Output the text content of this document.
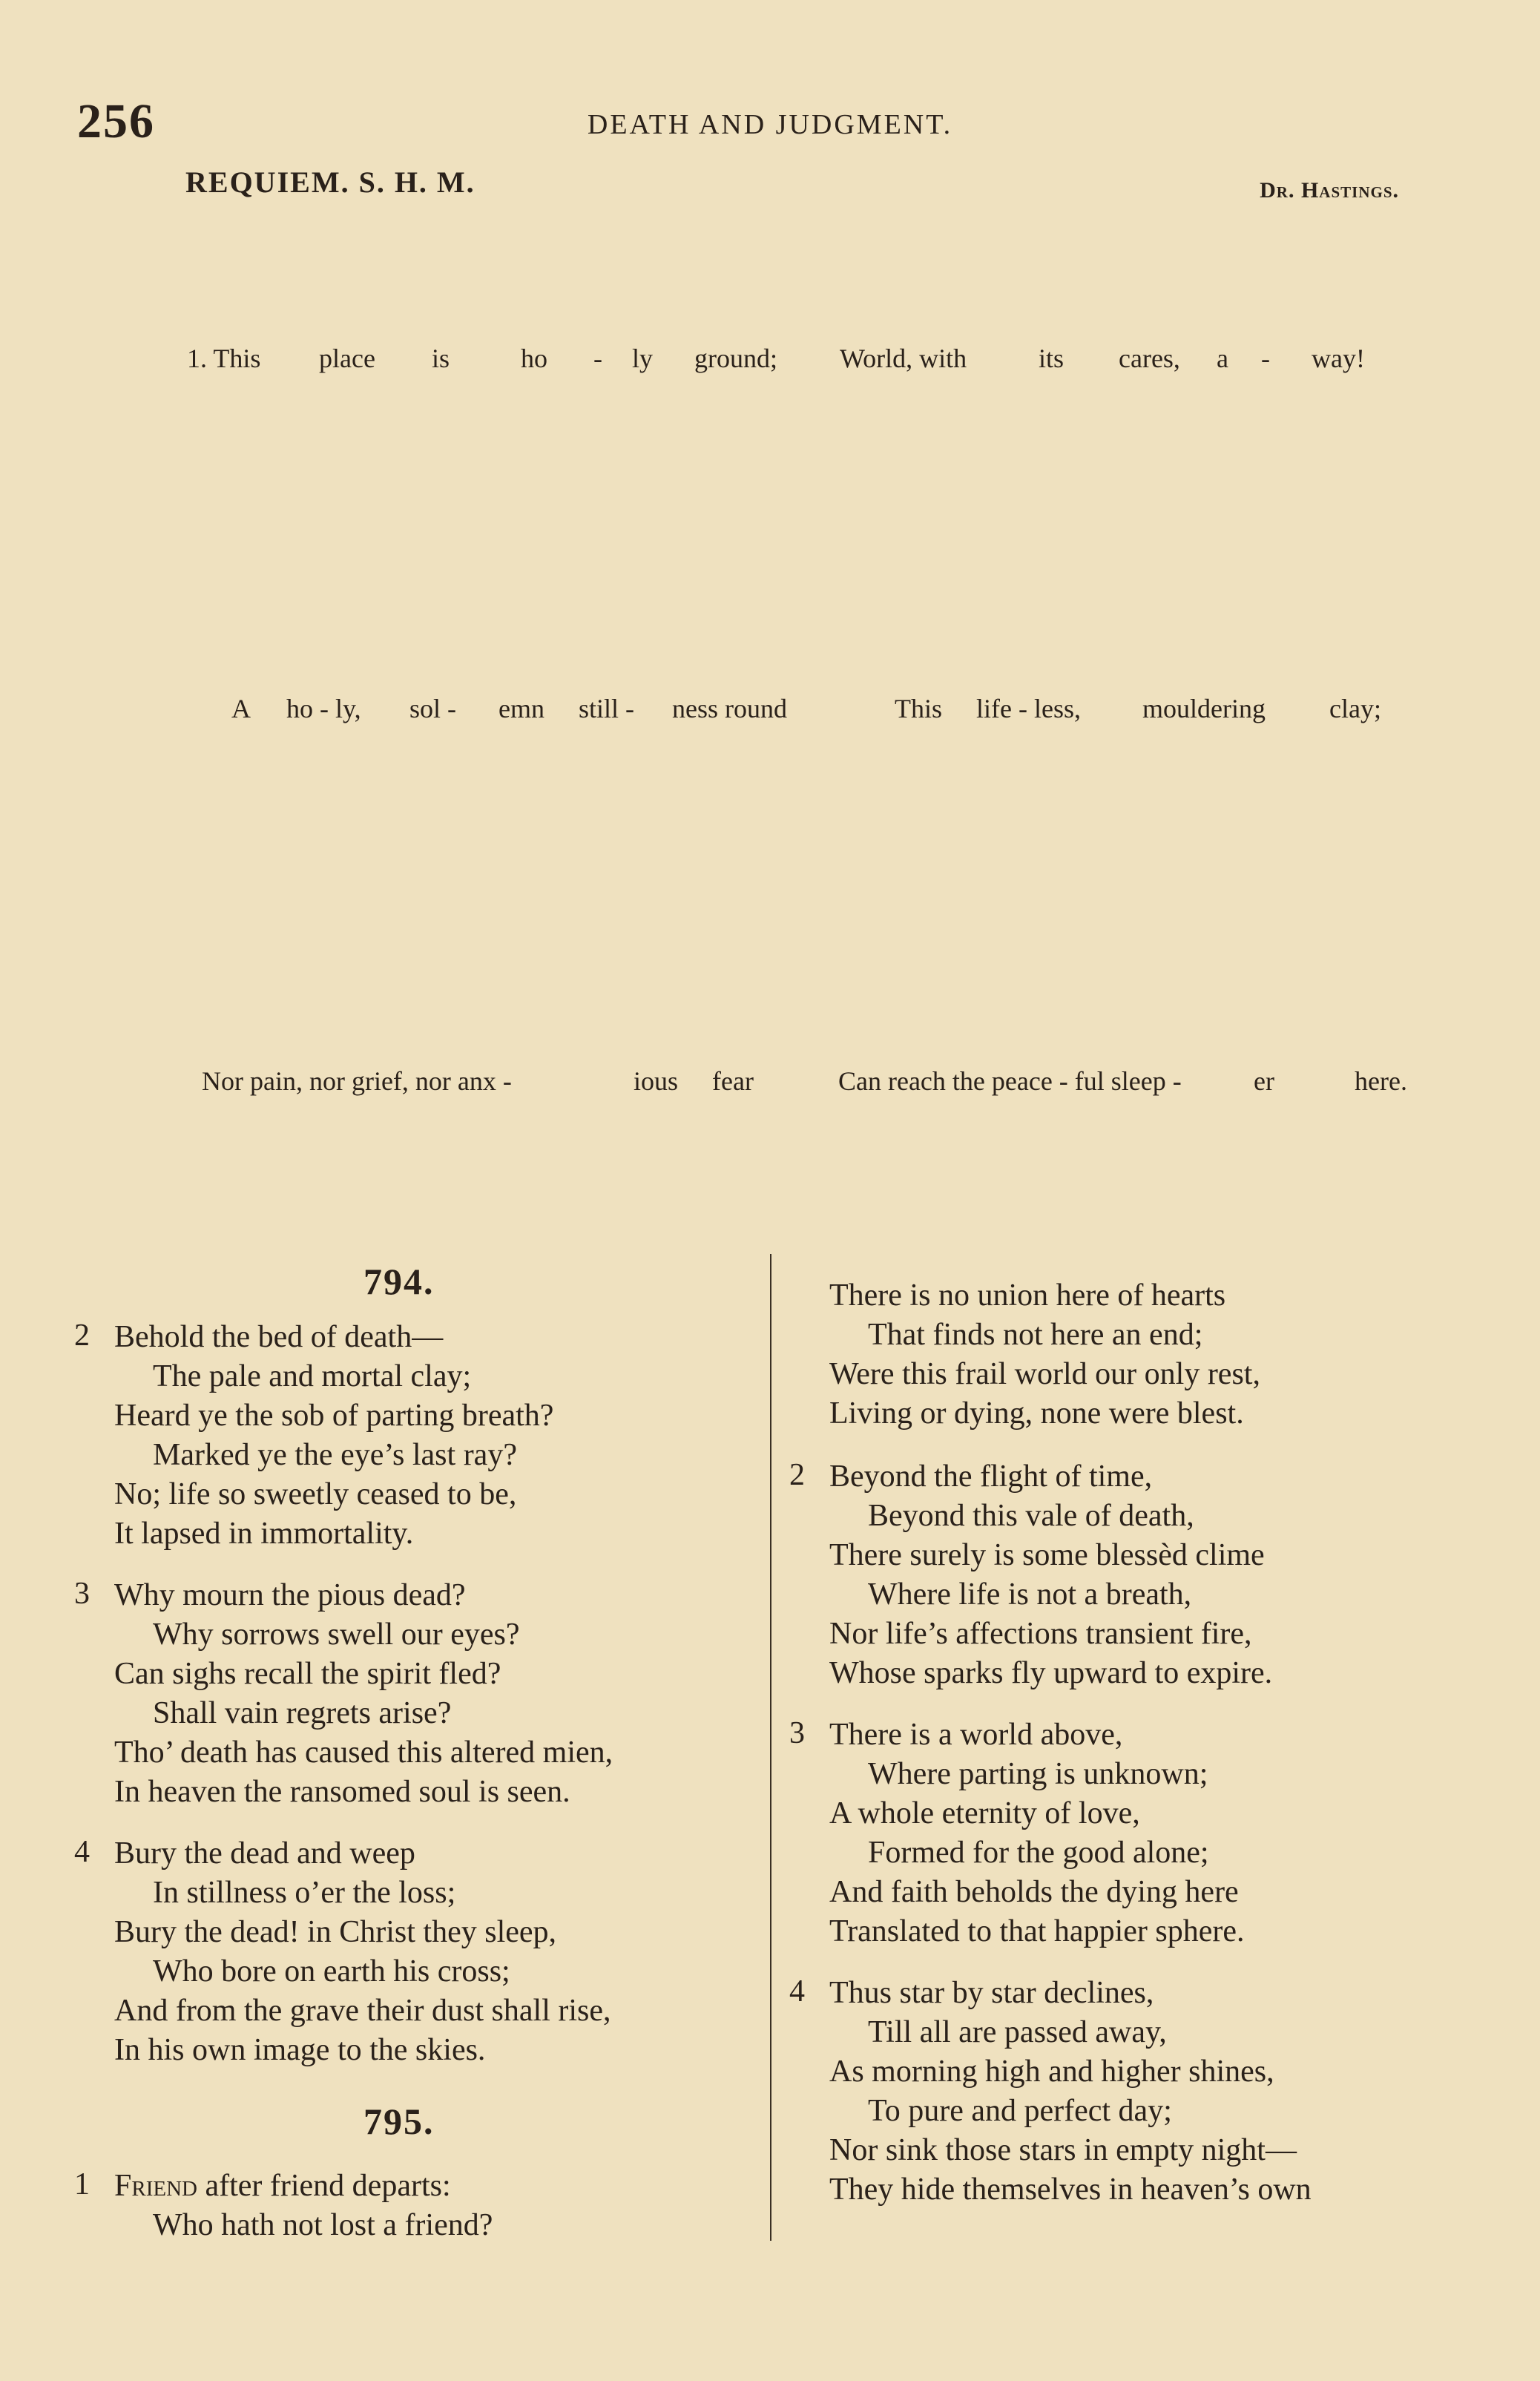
256	DEATH AND JUDGMENT.
REQUIEM. S. H. M.	Dr. Hastings.
1. This place is	ho - ly ground; World, with	its cares, a - way!
A ho - ly, sol - emn still - ness round	This life - less, mouldering clay;
Nor pain, nor grief, nor anx -	ious fear	Can reach the peace - ful sleep -	er	here.
794.
2 Behold the bed of death—
The pale and mortal clay;
Heard ye the sob of parting breath?
Marked ye the eye’s last ray?
No; life so sweetly ceased to be,
It lapsed in immortality.
3 Why mourn the pious dead?
Why sorrows swell our eyes?
Can sighs recall the spirit fled?
Shall vain regrets arise?
Tho’ death has caused this altered mien,
In heaven the ransomed soul is seen.
4 Bury the dead and weep
In stillness o’er the loss;
Bury the dead! in Christ they sleep,
Who bore on earth his cross;
And from the grave their dust shall rise,
In his own image to the skies.
795.
1 Friend after friend departs:
Who hath not lost a friend?
There is no union here of hearts
That finds not here an end;
Were this frail world our only rest,
Living or dying, none were blest.
2 Beyond the flight of time,
Beyond this vale of death,
There surely is some blessèd clime
Where life is not a breath,
Nor life’s affections transient fire,
Whose sparks fly upward to expire.
3 There is a world above,
Where parting is unknown;
A whole eternity of love,
Formed for the good alone;
And faith beholds the dying here
Translated to that happier sphere.
4 Thus star by star declines,
Till all are passed away,
As morning high and higher shines,
To pure and perfect day;
Nor sink those stars in empty night—
They hide themselves in heaven’s own
